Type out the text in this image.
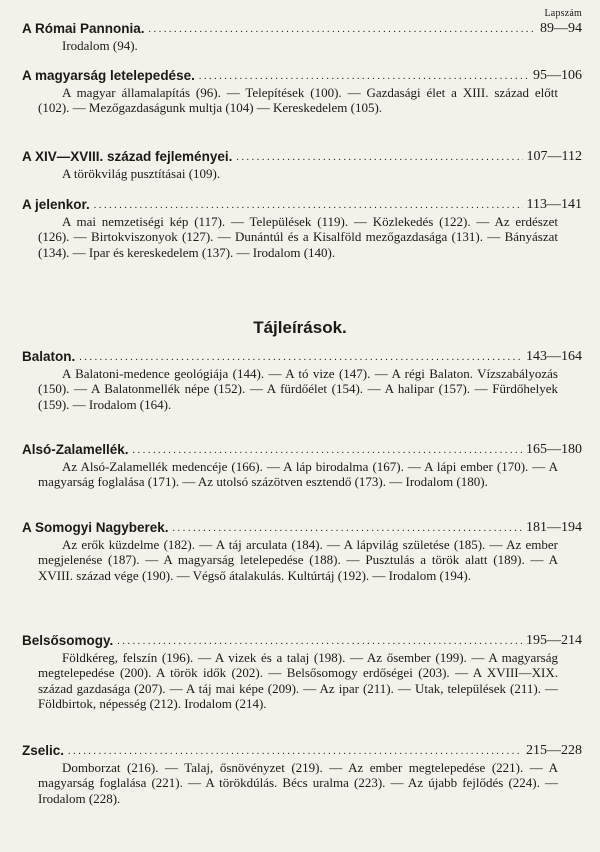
Lapszám
A Római Pannonia. .....	89—94
Irodalom (94).
A magyarság letelepedése. .....	95—106
A magyar államalapítás (96). — Telepítések (100). — Gazdasági élet a XIII. század előtt (102). — Mezőgazdaságunk multja (104) — Kereskedelem (105).
A XIV—XVIII. század fejleményei. .....	107—112
A törökvilág pusztításai (109).
A jelenkor. .....	113—141
A mai nemzetiségi kép (117). — Települések (119). — Közlekedés (122). — Az erdészet (126). — Birtokviszonyok (127). — Dunántúl és a Kisalföld mezőgazdasága (131). — Bányászat (134). — Ipar és kereskedelem (137). — Irodalom (140).
Tájleírások.
Balaton. .....	143—164
A Balatoni-medence geológiája (144). — A tó vize (147). — A régi Balaton. Vízszabályozás (150). — A Balatonmellék népe (152). — A fürdőélet (154). — A halipar (157). — Fürdőhelyek (159). — Irodalom (164).
Alsó-Zalamellék. .....	165—180
Az Alsó-Zalamellék medencéje (166). — A láp birodalma (167). — A lápi ember (170). — A magyarság foglalása (171). — Az utolsó százötven esztendő (173). — Irodalom (180).
A Somogyi Nagyberek. .....	181—194
Az erők küzdelme (182). — A táj arculata (184). — A lápvilág születése (185). — Az ember megjelenése (187). — A magyarság letelepedése (188). — Pusztulás a török alatt (189). — A XVIII. század vége (190). — Végső átalakulás. Kultúrtáj (192). — Irodalom (194).
Belsősomogy. .....	195—214
Földkéreg, felszín (196). — A vizek és a talaj (198). — Az ősember (199). — A magyarság megtelepedése (200). A török idők (202). — Belsősomogy erdőségei (203). — A XVIII—XIX. század gazdasága (207). — A táj mai képe (209). — Az ipar (211). — Utak, települések (211). — Földbirtok, népesség (212). Irodalom (214).
Zselic. .....	215—228
Domborzat (216). — Talaj, ősnövényzet (219). — Az ember megtelepedése (221). — A magyarság foglalása (221). — A törökdúlás. Bécs uralma (223). — Az újabb fejlődés (224). — Irodalom (228).
